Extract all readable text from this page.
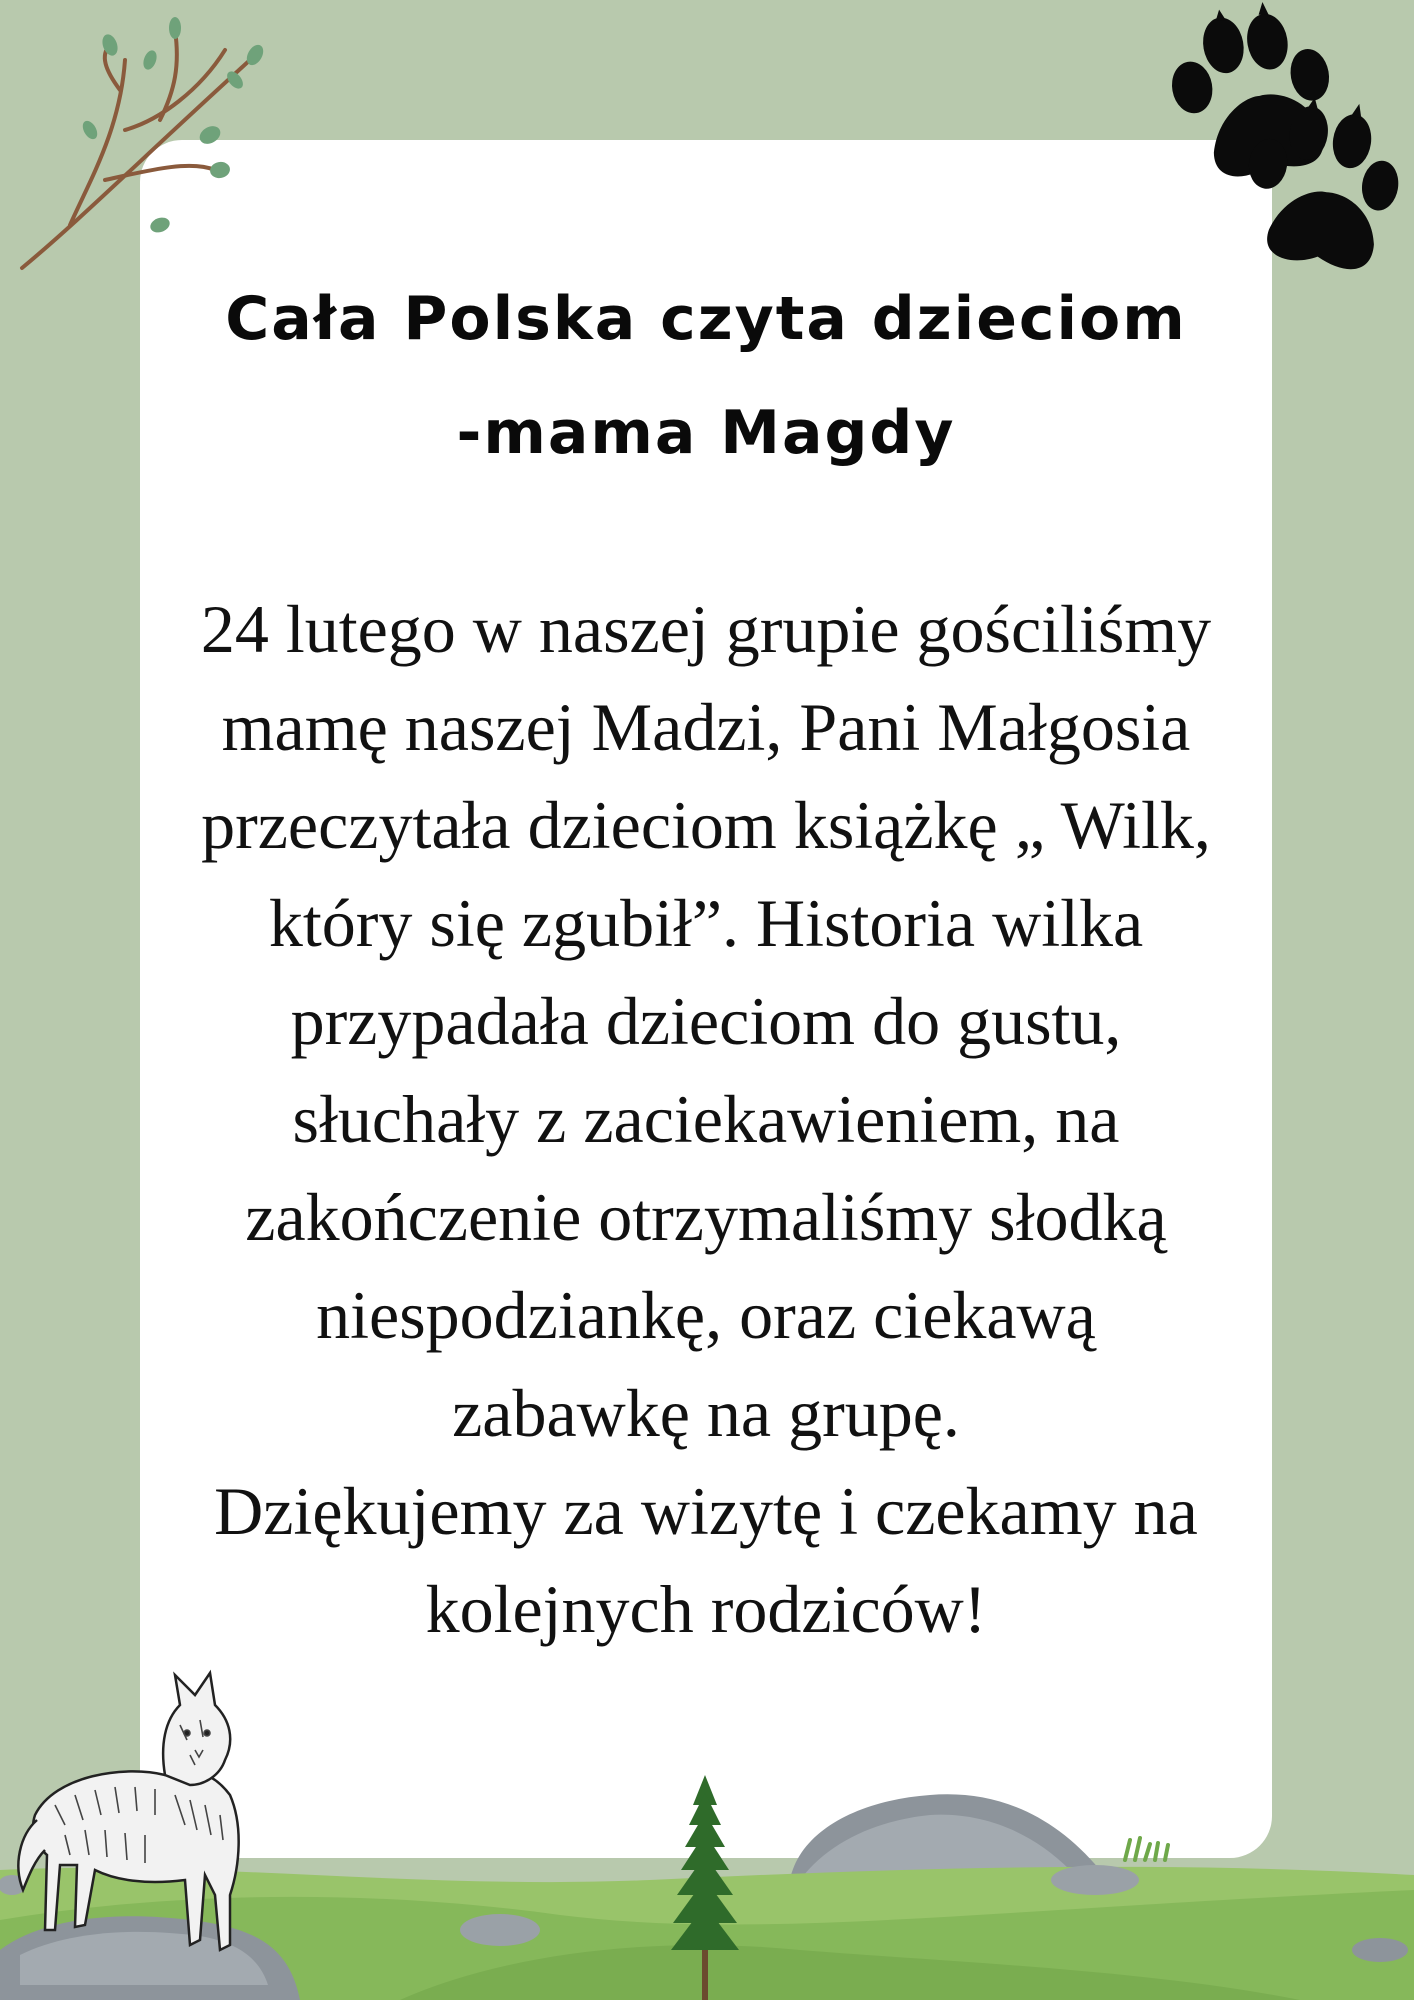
Cała Polska czyta dzieciom
-mama Magdy
24 lutego w naszej grupie gościliśmy
mamę naszej Madzi, Pani Małgosia
przeczytała dzieciom książkę „ Wilk,
który się zgubił”. Historia wilka
przypadała dzieciom do gustu,
słuchały z zaciekawieniem, na
zakończenie otrzymaliśmy słodką
niespodziankę, oraz ciekawą
zabawkę na grupę.
Dziękujemy za wizytę i czekamy na
kolejnych rodziców!
